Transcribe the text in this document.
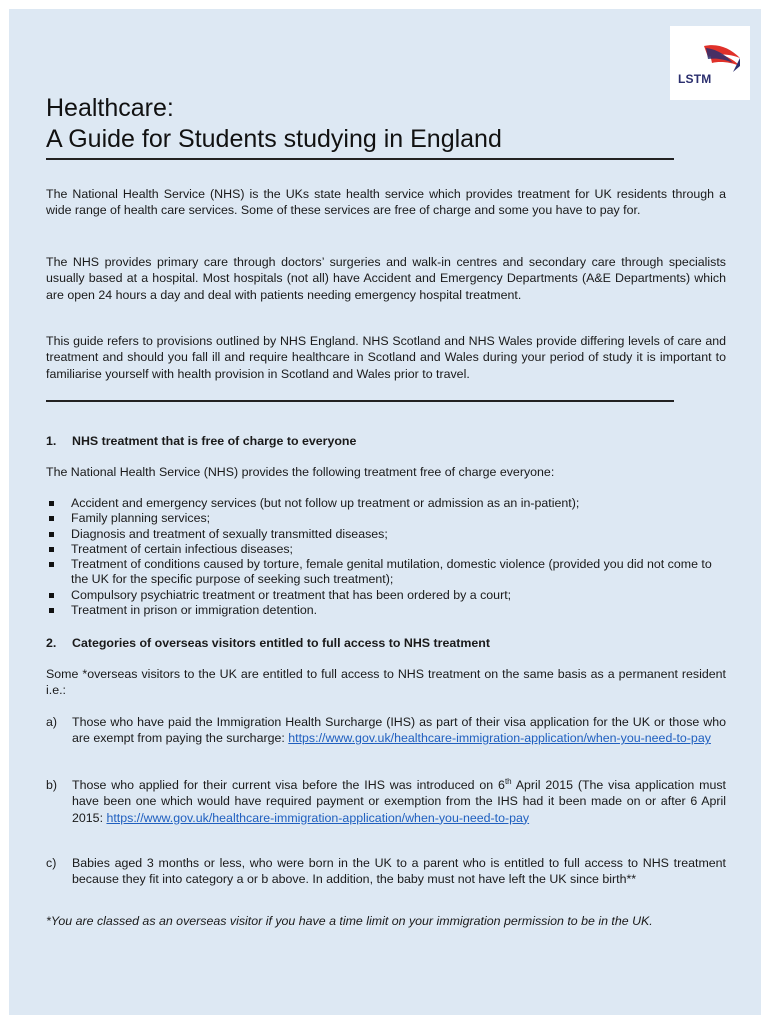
LSTM
Healthcare:
A Guide for Students studying in England

The National Health Service (NHS) is the UKs state health service which provides treatment for UK residents through a wide range of health care services. Some of these services are free of charge and some you have to pay for.

The NHS provides primary care through doctors’ surgeries and walk-in centres and secondary care through specialists usually based at a hospital. Most hospitals (not all) have Accident and Emergency Departments (A&E Departments) which are open 24 hours a day and deal with patients needing emergency hospital treatment.

This guide refers to provisions outlined by NHS England. NHS Scotland and NHS Wales provide differing levels of care and treatment and should you fall ill and require healthcare in Scotland and Wales during your period of study it is important to familiarise yourself with health provision in Scotland and Wales prior to travel.

1. NHS treatment that is free of charge to everyone

The National Health Service (NHS) provides the following treatment free of charge everyone:

Accident and emergency services (but not follow up treatment or admission as an in-patient);
Family planning services;
Diagnosis and treatment of sexually transmitted diseases;
Treatment of certain infectious diseases;
Treatment of conditions caused by torture, female genital mutilation, domestic violence (provided you did not come to the UK for the specific purpose of seeking such treatment);
Compulsory psychiatric treatment or treatment that has been ordered by a court;
Treatment in prison or immigration detention.

2. Categories of overseas visitors entitled to full access to NHS treatment

Some *overseas visitors to the UK are entitled to full access to NHS treatment on the same basis as a permanent resident i.e.:

a) Those who have paid the Immigration Health Surcharge (IHS) as part of their visa application for the UK or those who are exempt from paying the surcharge: https://www.gov.uk/healthcare-immigration-application/when-you-need-to-pay
b) Those who applied for their current visa before the IHS was introduced on 6th April 2015 (The visa application must have been one which would have required payment or exemption from the IHS had it been made on or after 6 April 2015: https://www.gov.uk/healthcare-immigration-application/when-you-need-to-pay
c) Babies aged 3 months or less, who were born in the UK to a parent who is entitled to full access to NHS treatment because they fit into category a or b above. In addition, the baby must not have left the UK since birth**

*You are classed as an overseas visitor if you have a time limit on your immigration permission to be in the UK.
